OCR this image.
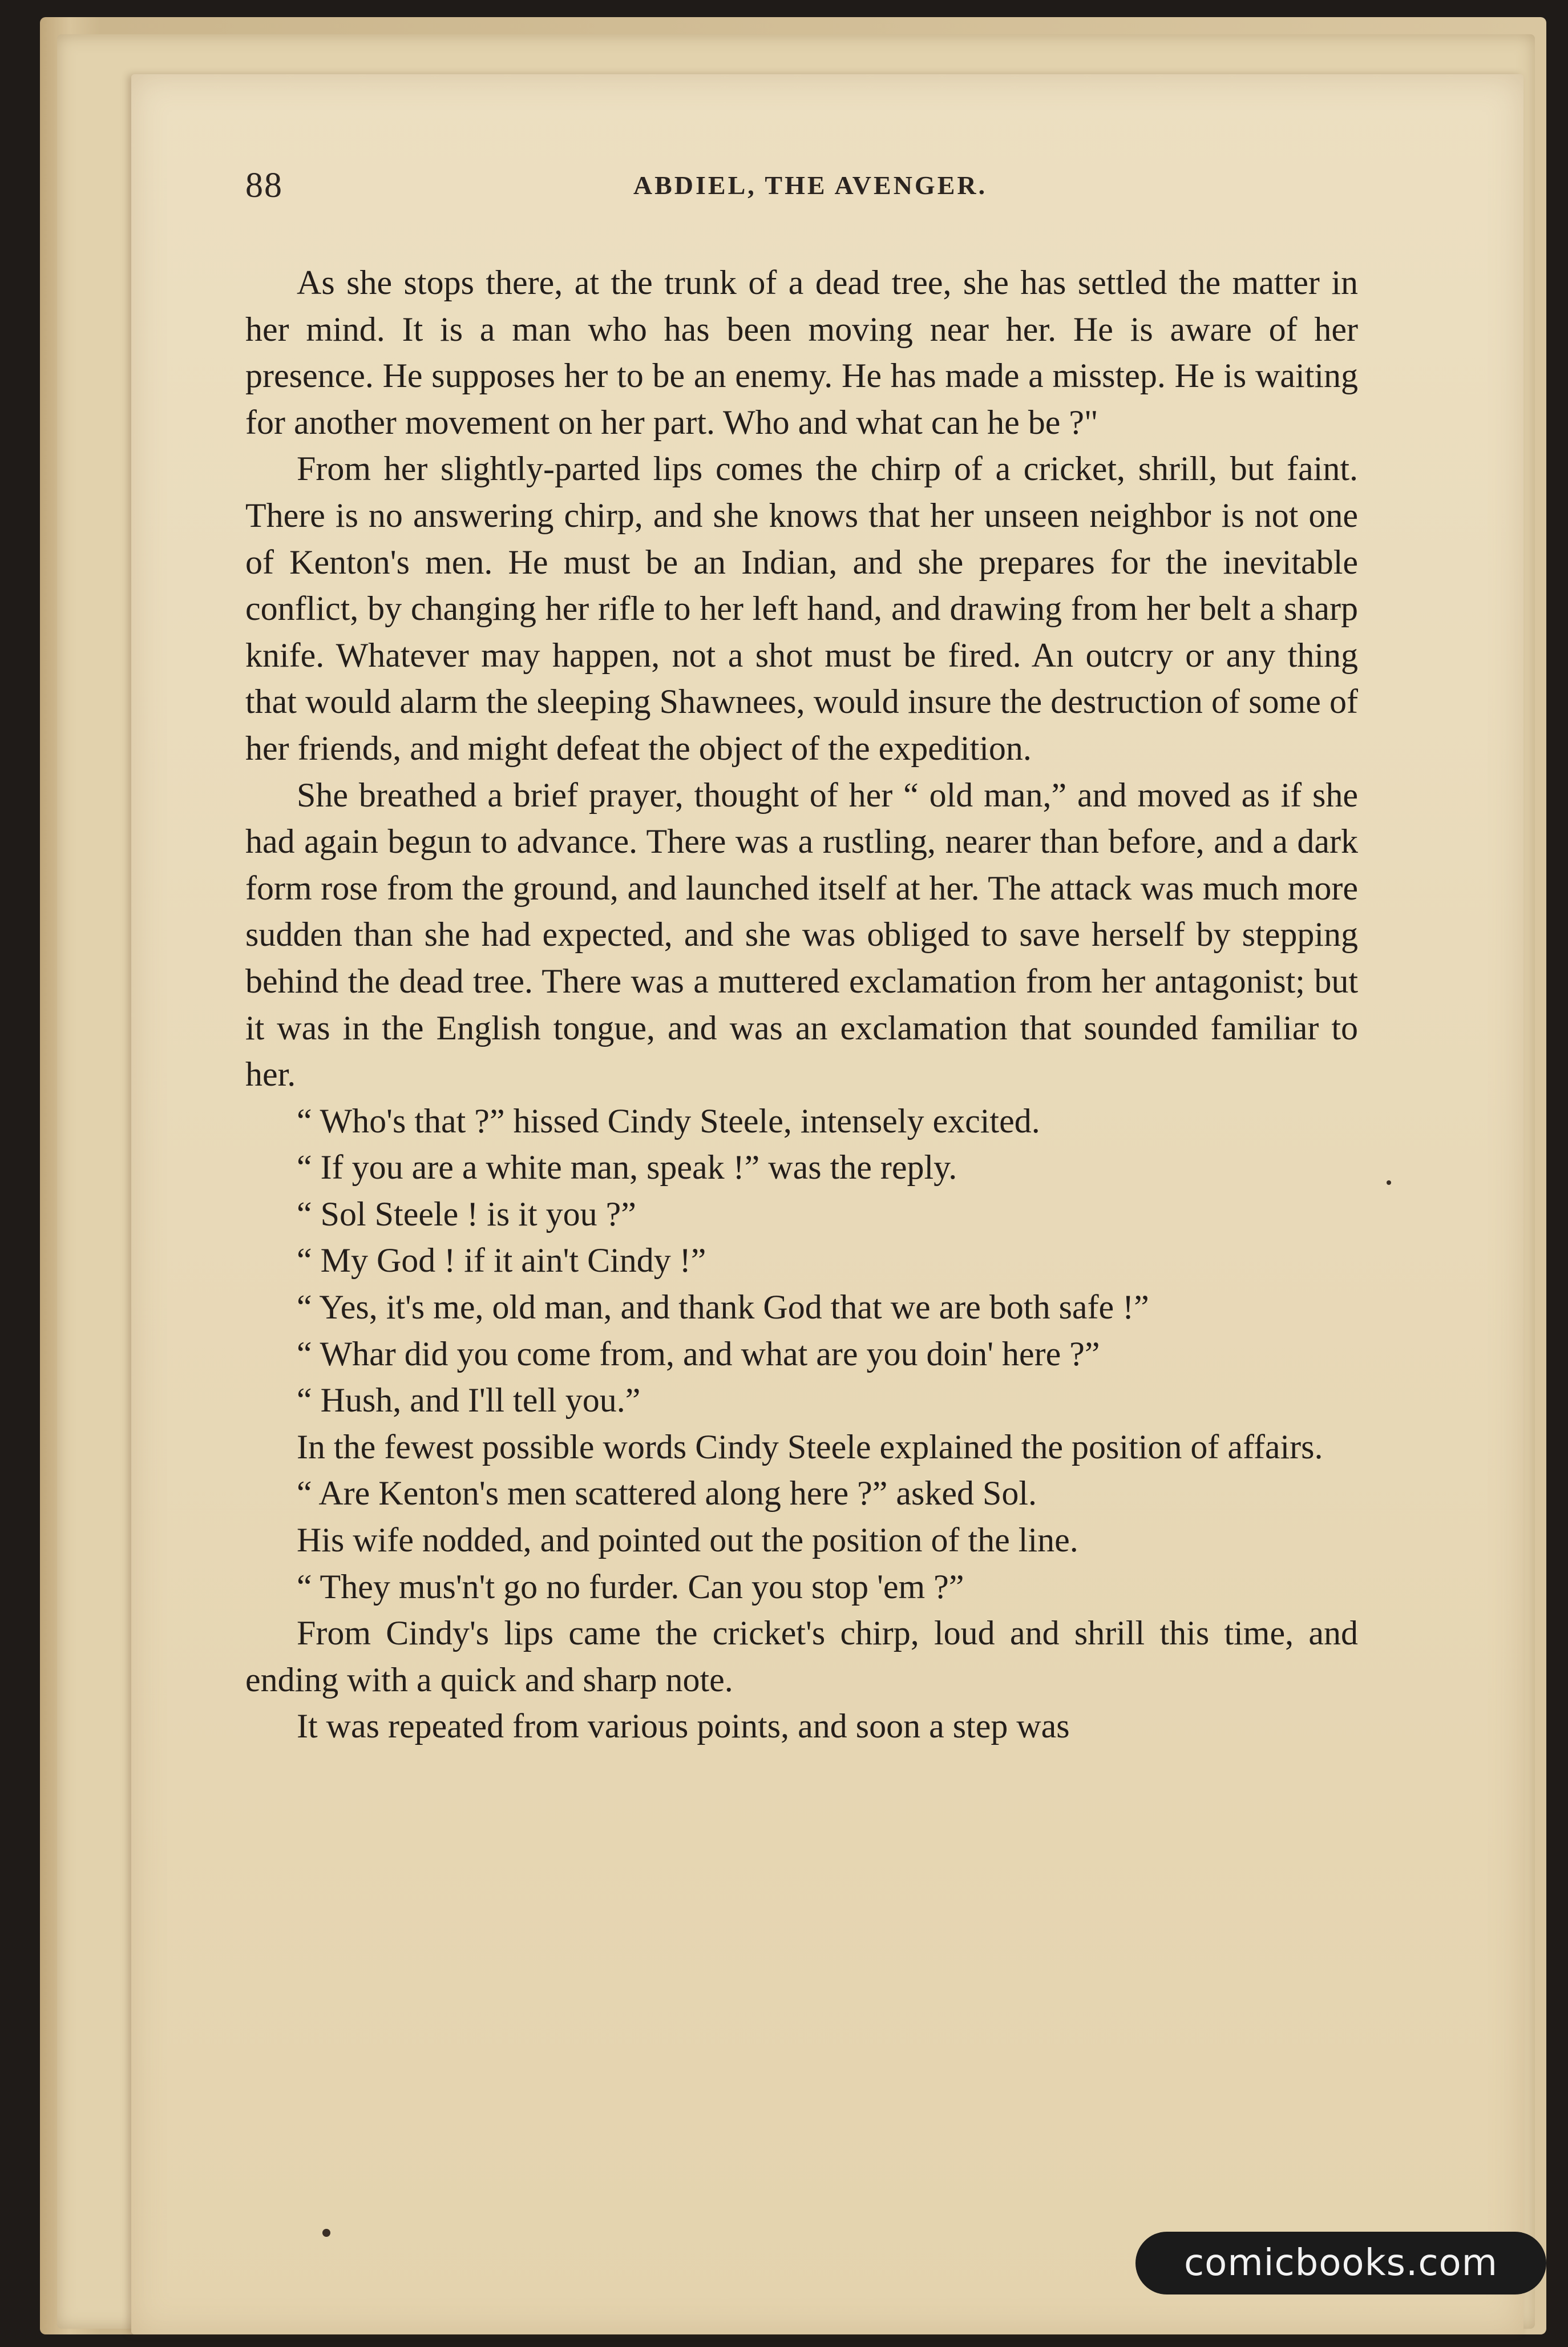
88	ABDIEL, THE AVENGER.

As she stops there, at the trunk of a dead tree, she has settled the matter in her mind. It is a man who has been moving near her. He is aware of her presence. He supposes her to be an enemy. He has made a misstep. He is waiting for another movement on her part. Who and what can he be ?"

From her slightly-parted lips comes the chirp of a cricket, shrill, but faint. There is no answering chirp, and she knows that her unseen neighbor is not one of Kenton's men. He must be an Indian, and she prepares for the inevitable conflict, by changing her rifle to her left hand, and drawing from her belt a sharp knife. Whatever may happen, not a shot must be fired. An outcry or any thing that would alarm the sleeping Shawnees, would insure the destruction of some of her friends, and might defeat the object of the expedition.

She breathed a brief prayer, thought of her “ old man,” and moved as if she had again begun to advance. There was a rustling, nearer than before, and a dark form rose from the ground, and launched itself at her. The attack was much more sudden than she had expected, and she was obliged to save herself by stepping behind the dead tree. There was a muttered exclamation from her antagonist; but it was in the English tongue, and was an exclamation that sounded familiar to her.

“ Who's that ?” hissed Cindy Steele, intensely excited.

“ If you are a white man, speak !” was the reply.

“ Sol Steele ! is it you ?”

“ My God ! if it ain't Cindy !”

“ Yes, it's me, old man, and thank God that we are both safe !”

“ Whar did you come from, and what are you doin' here ?”

“ Hush, and I'll tell you.”

In the fewest possible words Cindy Steele explained the position of affairs.

“ Are Kenton's men scattered along here ?” asked Sol.

His wife nodded, and pointed out the position of the line.

“ They mus'n't go no furder. Can you stop 'em ?”

From Cindy's lips came the cricket's chirp, loud and shrill this time, and ending with a quick and sharp note.

It was repeated from various points, and soon a step was

comicbooks.com
